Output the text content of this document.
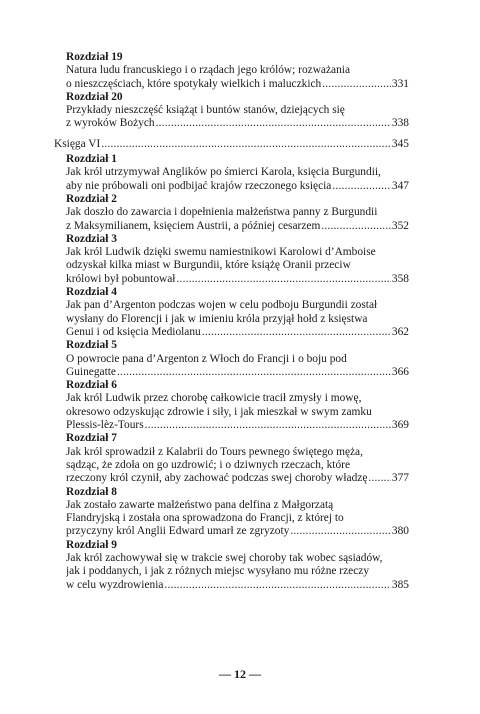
Rozdział 19
Natura ludu francuskiego i o rządach jego królów; rozważania
o nieszczęściach, które spotykały wielkich i maluczkich .....	331
Rozdział 20
Przykłady nieszczęść książąt i buntów stanów, dziejących się
z wyroków Bożych .....	338
Księga VI .....	345
Rozdział 1
Jak król utrzymywał Anglików po śmierci Karola, księcia Burgundii,
aby nie próbowali oni podbijać krajów rzeczonego księcia .....	347
Rozdział 2
Jak doszło do zawarcia i dopełnienia małżeństwa panny z Burgundii
z Maksymilianem, księciem Austrii, a później cesarzem .....	352
Rozdział 3
Jak król Ludwik dzięki swemu namiestnikowi Karolowi d’Amboise
odzyskał kilka miast w Burgundii, które książę Oranii przeciw
królowi był pobuntował .....	358
Rozdział 4
Jak pan d’Argenton podczas wojen w celu podboju Burgundii został
wysłany do Florencji i jak w imieniu króla przyjął hołd z księstwa
Genui i od księcia Mediolanu .....	362
Rozdział 5
O powrocie pana d’Argenton z Włoch do Francji i o boju pod
Guinegatte .....	366
Rozdział 6
Jak król Ludwik przez chorobę całkowicie tracił zmysły i mowę,
okresowo odzyskując zdrowie i siły, i jak mieszkał w swym zamku
Plessis-lèz-Tours .....	369
Rozdział 7
Jak król sprowadził z Kalabrii do Tours pewnego świętego męża,
sądząc, że zdoła on go uzdrowić; i o dziwnych rzeczach, które
rzeczony król czynił, aby zachować podczas swej choroby władzę ..... 377
Rozdział 8
Jak zostało zawarte małżeństwo pana delfina z Małgorzatą
Flandryjską i została ona sprowadzona do Francji, z której to
przyczyny król Anglii Edward umarł ze zgryzoty .....	380
Rozdział 9
Jak król zachowywał się w trakcie swej choroby tak wobec sąsiadów,
jak i poddanych, i jak z różnych miejsc wysyłano mu różne rzeczy
w celu wyzdrowienia .....	385
— 12 —
